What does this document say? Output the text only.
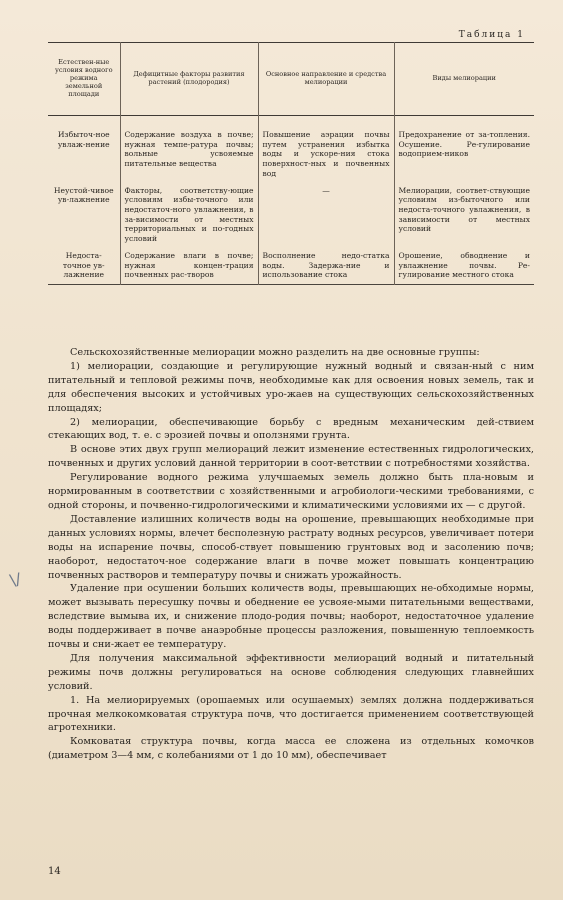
Таблица 1
Естествен-ные условия водного режима земельной площади	Дефицитные факторы развития растений (плодородия)	Основное направление и средства мелиорации	Виды мелиорации
Избыточ-ное увлаж-нение	Содержание воздуха в почве; нужная темпе-ратура почвы; вольные усвояемые питательные вещества	Повышение аэрации почвы путем устранения избытка воды и ускоре-ния стока поверхност-ных и почвенных вод	Предохранение от за-топления. Осушение. Ре-гулирование водоприем-ников
Неустой-чивое ув-лажнение	Факторы, соответству-ющие условиям избы-точного или недостаточ-ного увлажнения, в за-висимости от местных территориальных и по-годных условий	—	Мелиорации, соответ-ствующие условиям из-быточного или недоста-точного увлажнения, в зависимости от местных условий
Недоста-точное ув-лажнение	Содержание влаги в почве; нужная концен-трация почвенных рас-творов	Восполнение недо-статка воды. Задержа-ние и использование стока	Орошение, обводнение и увлажнение почвы. Ре-гулирование местного стока

Сельскохозяйственные мелиорации можно разделить на две основные группы:

1) мелиорации, создающие и регулирующие нужный водный и связан-ный с ним питательный и тепловой режимы почв, необходимые как для освоения новых земель, так и для обеспечения высоких и устойчивых уро-жаев на существующих сельскохозяйственных площадях;

2) мелиорации, обеспечивающие борьбу с вредным механическим дей-ствием стекающих вод, т. е. с эрозией почвы и оползнями грунта.

В основе этих двух групп мелиораций лежит изменение естественных гидрологических, почвенных и других условий данной территории в соот-ветствии с потребностями хозяйства.

Регулирование водного режима улучшаемых земель должно быть пла-новым и нормированным в соответствии с хозяйственными и агробиологи-ческими требованиями, с одной стороны, и почвенно-гидрологическими и климатическими условиями их — с другой.

Доставление излишних количеств воды на орошение, превышающих необходимые при данных условиях нормы, влечет бесполезную растрату водных ресурсов, увеличивает потери воды на испарение почвы, способ-ствует повышению грунтовых вод и засолению почв; наоборот, недостаточ-ное содержание влаги в почве может повышать концентрацию почвенных растворов и температуру почвы и снижать урожайность.

Удаление при осушении больших количеств воды, превышающих не-обходимые нормы, может вызывать пересушку почвы и обеднение ее усвояе-мыми питательными веществами, вследствие вымыва их, и снижение плодо-родия почвы; наоборот, недостаточное удаление воды поддерживает в почве анаэробные процессы разложения, повышенную теплоемкость почвы и сни-жает ее температуру.

Для получения максимальной эффективности мелиораций водный и питательный режимы почв должны регулироваться на основе соблюдения следующих главнейших условий.

1. На мелиорируемых (орошаемых или осушаемых) землях должна поддерживаться прочная мелкокомковатая структура почв, что достигается применением соответствующей агротехники.

Комковатая структура почвы, когда масса ее сложена из отдельных комочков (диаметром 3—4 мм, с колебаниями от 1 до 10 мм), обеспечивает

\/
14
